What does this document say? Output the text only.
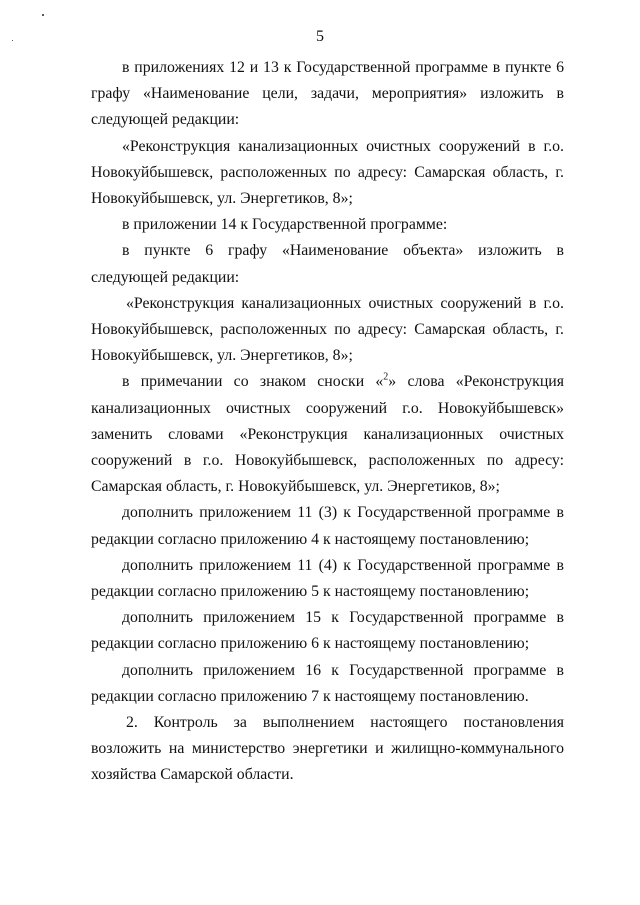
5

в приложениях 12 и 13 к Государственной программе в пункте 6 графу «Наименование цели, задачи, мероприятия» изложить в следующей редакции:

«Реконструкция канализационных очистных сооружений в г.о. Новокуйбышевск, расположенных по адресу: Самарская область, г. Новокуйбышевск, ул. Энергетиков, 8»;

в приложении 14 к Государственной программе:

в пункте 6 графу «Наименование объекта» изложить в следующей редакции:

«Реконструкция канализационных очистных сооружений в г.о. Новокуйбышевск, расположенных по адресу: Самарская область, г. Новокуйбышевск, ул. Энергетиков, 8»;

в примечании со знаком сноски «$^2$» слова «Реконструкция канализационных очистных сооружений г.о. Новокуйбышевск» заменить словами «Реконструкция канализационных очистных сооружений в г.о. Новокуйбышевск, расположенных по адресу: Самарская область, г. Новокуйбышевск, ул. Энергетиков, 8»;

дополнить приложением 11 (3) к Государственной программе в редакции согласно приложению 4 к настоящему постановлению;

дополнить приложением 11 (4) к Государственной программе в редакции согласно приложению 5 к настоящему постановлению;

дополнить приложением 15 к Государственной программе в редакции согласно приложению 6 к настоящему постановлению;

дополнить приложением 16 к Государственной программе в редакции согласно приложению 7 к настоящему постановлению.

2. Контроль за выполнением настоящего постановления возложить на министерство энергетики и жилищно-коммунального хозяйства Самарской области.
